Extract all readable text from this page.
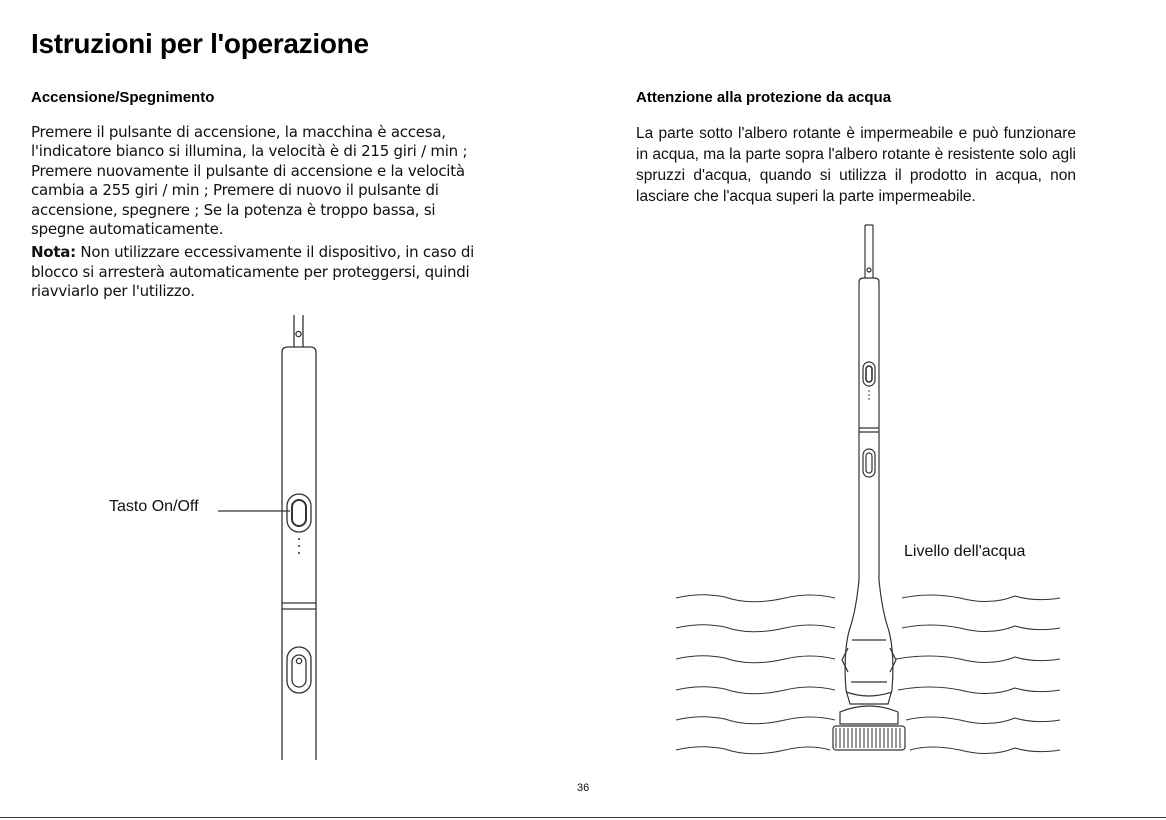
Istruzioni per l'operazione
Accensione/Spegnimento

Premere il pulsante di accensione, la macchina è accesa,
l'indicatore bianco si illumina, la velocità è di 215 giri / min ;
Premere nuovamente il pulsante di accensione e la velocità
cambia a 255 giri / min ; Premere di nuovo il pulsante di
accensione, spegnere ; Se la potenza è troppo bassa, si
spegne automaticamente.

Nota: Non utilizzare eccessivamente il dispositivo, in caso di blocco si arresterà automaticamente per proteggersi, quindi riavviarlo per l'utilizzo.
Attenzione alla protezione da acqua

La parte sotto l'albero rotante è impermeabile e può funzionare in acqua, ma la parte sopra l'albero rotante è resistente solo agli spruzzi d'acqua, quando si utilizza il prodotto in acqua, non lasciare che l'acqua superi la parte impermeabile.

Tasto On/Off
Livello dell'acqua
36
